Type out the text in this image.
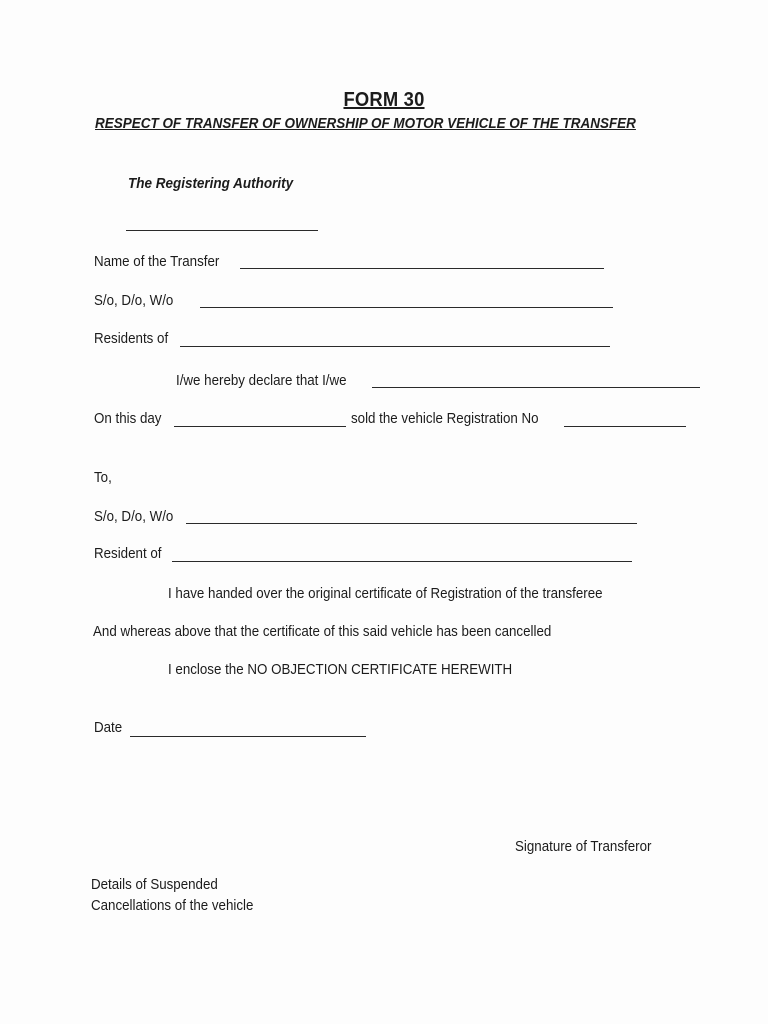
FORM 30
RESPECT OF TRANSFER OF OWNERSHIP OF MOTOR VEHICLE OF THE TRANSFER
The Registering Authority
Name of the Transfer
S/o, D/o, W/o
Residents of
I/we hereby declare that I/we
On this day	sold the vehicle Registration No
To,
S/o, D/o, W/o
Resident of
I have handed over the original certificate of Registration of the transferee
And whereas above that the certificate of this said vehicle has been cancelled
I enclose the NO OBJECTION CERTIFICATE HEREWITH
Date
Signature of Transferor
Details of Suspended
Cancellations of the vehicle
